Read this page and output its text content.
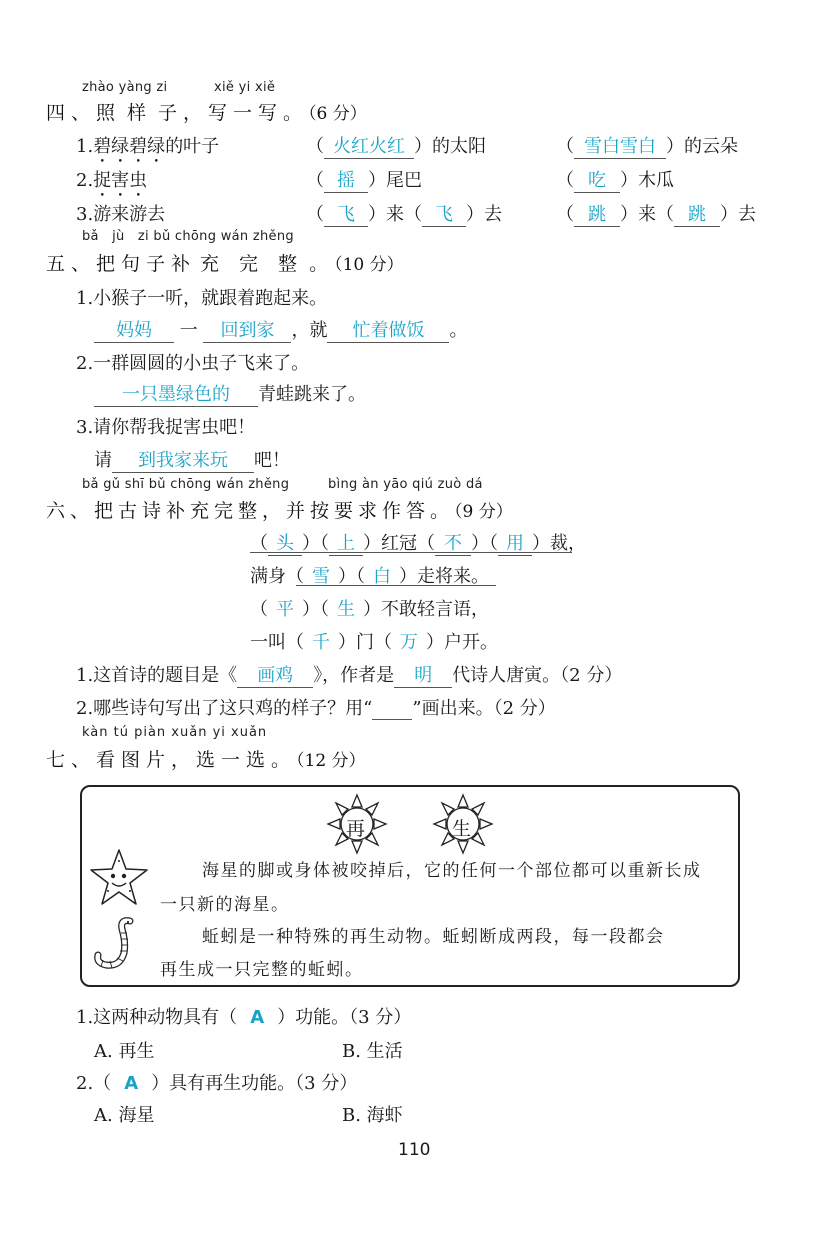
zhào yàng zi	xiě yi xiě
四、照 样 子，写一写。（6 分）
1.碧绿碧绿的叶子	（ 火红火红 ）的太阳	（ 雪白雪白 ）的云朵
2.捉害虫	（ 摇 ）尾巴	（ 吃 ）木瓜
3.游来游去	（ 飞 ）来（ 飞 ）去	（ 跳 ）来（ 跳 ）去
bǎ jù zi bǔ chōng wán zhěng
五、把句子补 充 完 整 。（10 分）
1.小猴子一听，就跟着跑起来。
妈妈 一 回到家 ，就 忙着做饭 。
2.一群圆圆的小虫子飞来了。
一只墨绿色的 青蛙跳来了。
3.请你帮我捉害虫吧！
请 到我家来玩 吧！
bǎ gǔ shī bǔ chōng wán zhěng	bìng àn yāo qiú zuò dá
六、把古诗补充完整，并按要求作答。（9 分）
（ 头 ）（ 上 ）红冠（ 不 ）（ 用 ）裁，
满身（ 雪 ）（ 白 ）走将来。
（ 平 ）（ 生 ）不敢轻言语，
一叫（ 千 ）门（ 万 ）户开。
1.这首诗的题目是《 画鸡 》，作者是 明 代诗人唐寅。（2 分）
2.哪些诗句写出了这只鸡的样子？用“ ”画出来。（2 分）
kàn tú piàn xuǎn yi xuǎn
七、看图片，选一选。（12 分）
再	生
海星的脚或身体被咬掉后，它的任何一个部位都可以重新长成
一只新的海星。
蚯蚓是一种特殊的再生动物。蚯蚓断成两段，每一段都会
再生成一只完整的蚯蚓。
1.这两种动物具有（ A ）功能。（3 分）
A. 再生	B. 生活
2.（ A ）具有再生功能。（3 分）
A. 海星	B. 海虾
110
